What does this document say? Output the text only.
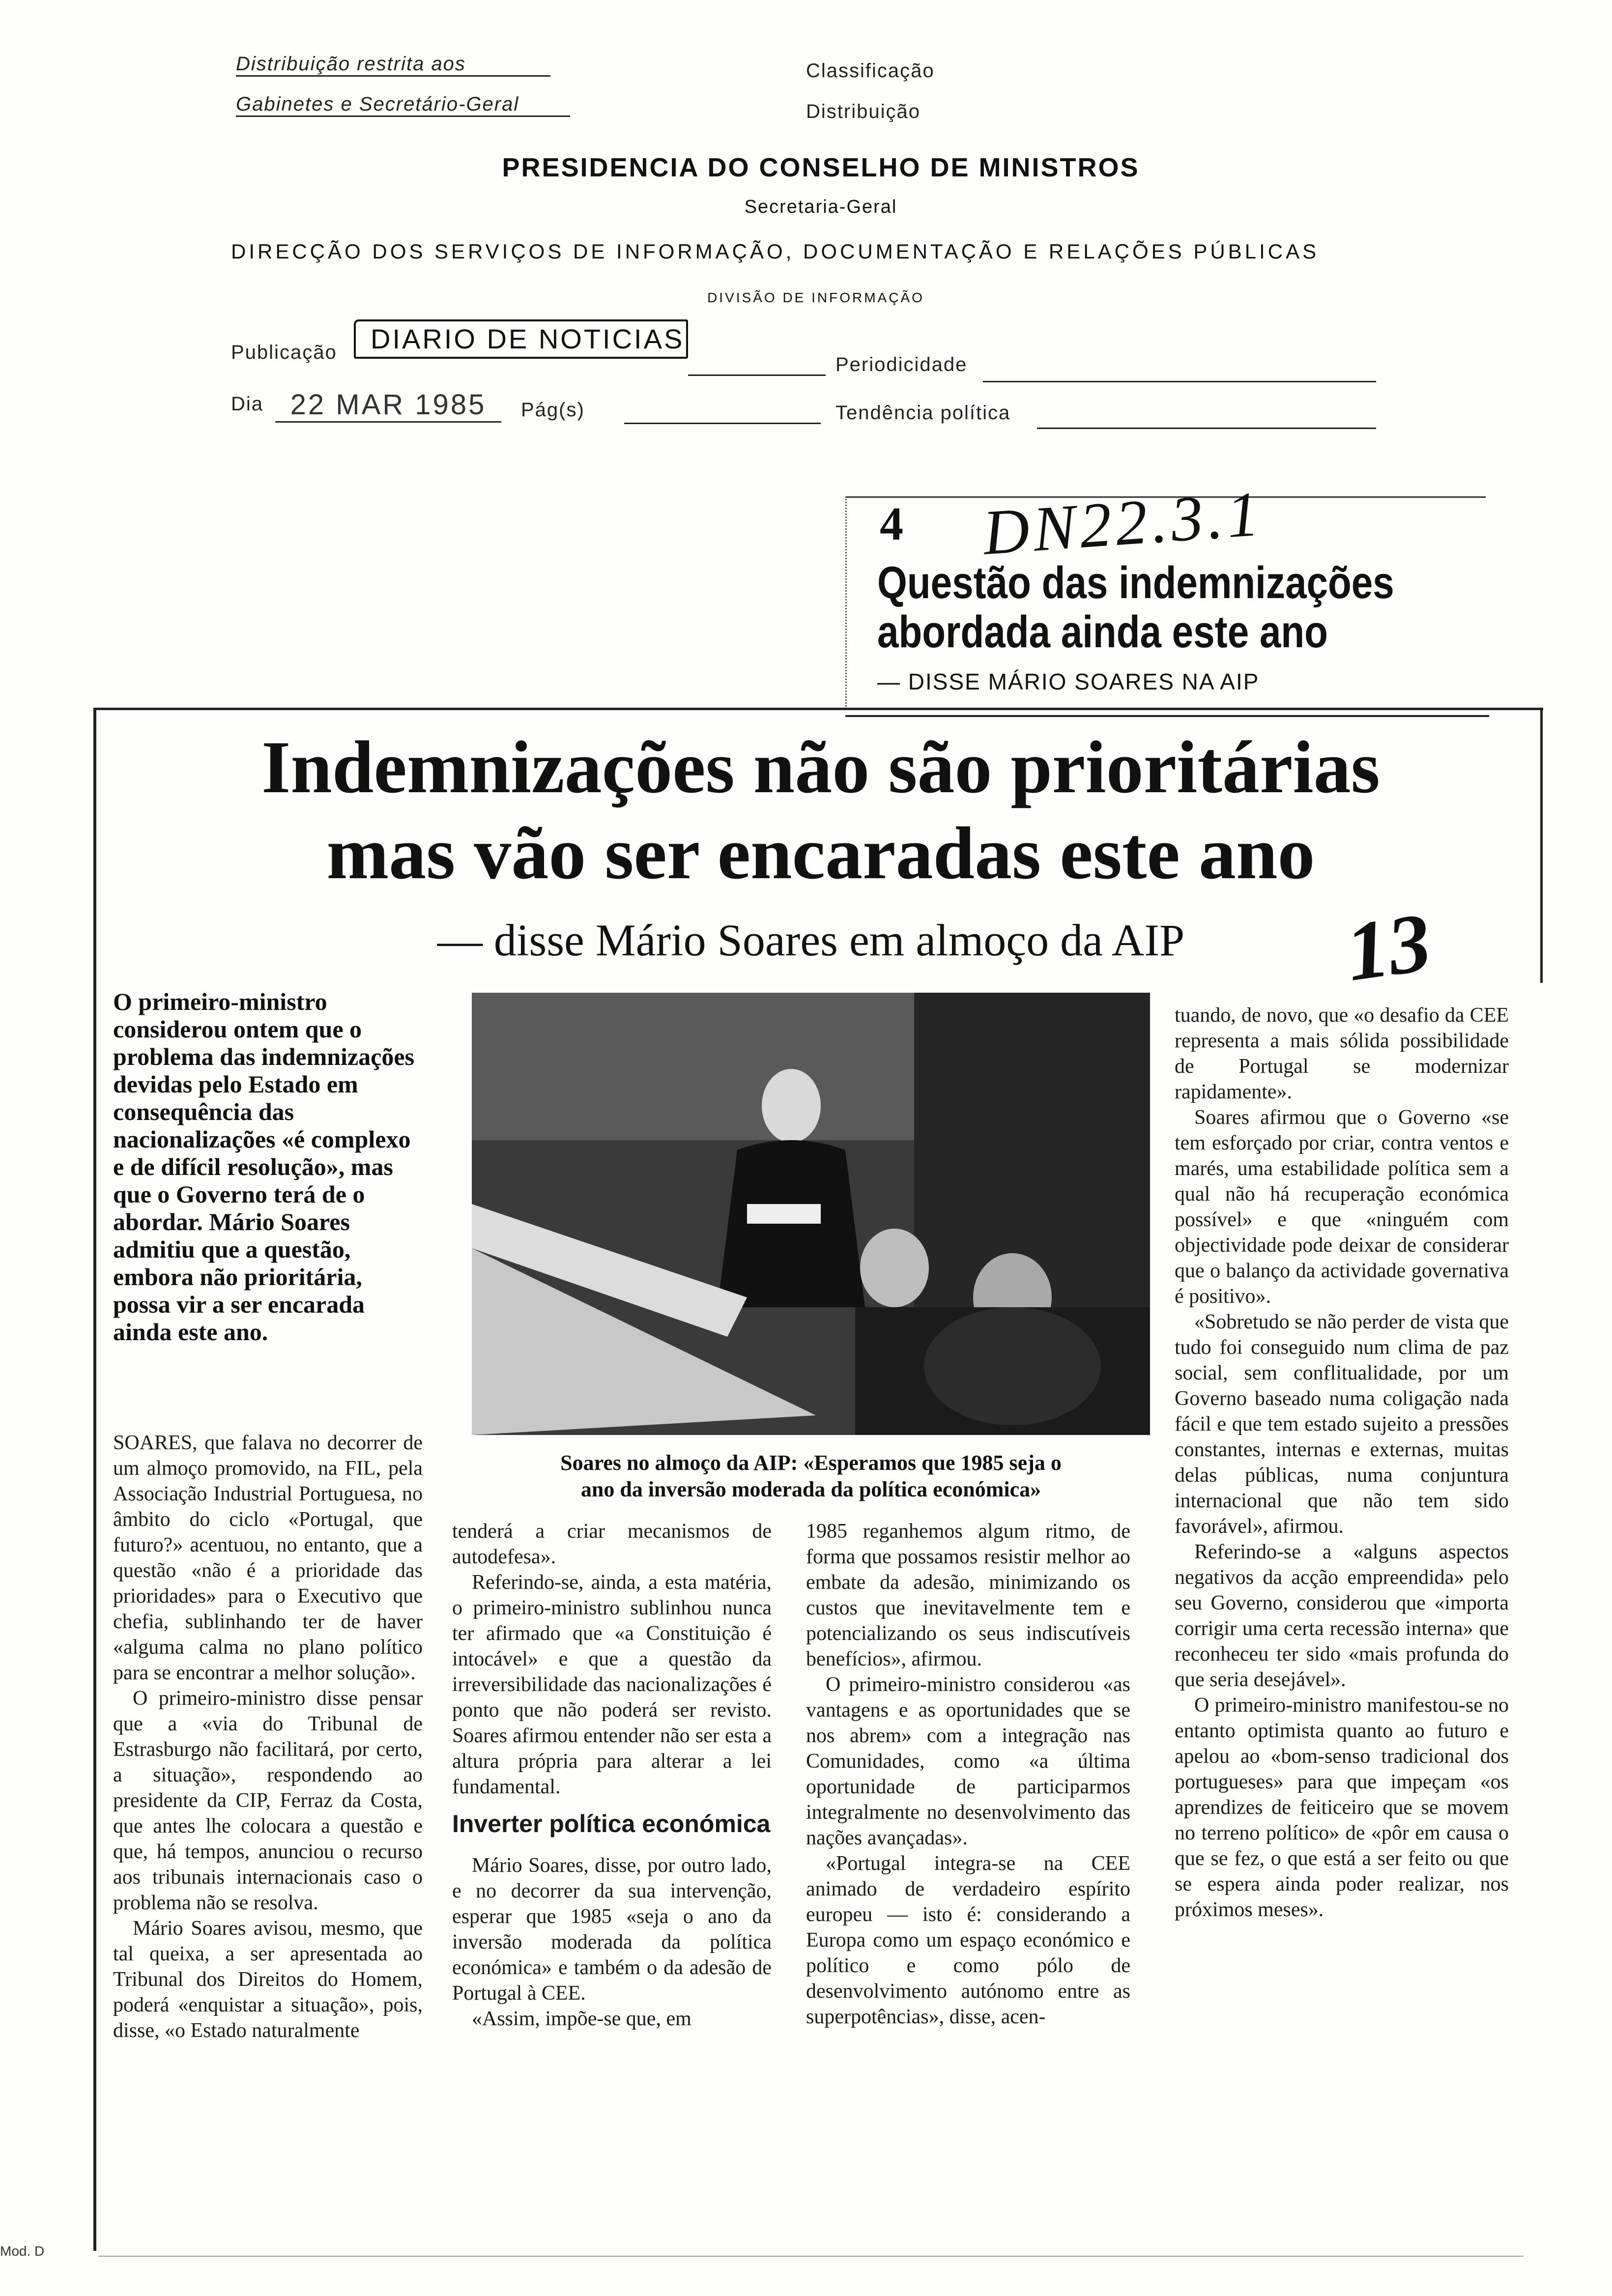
Distribuição restrita aos
Gabinetes e Secretário-Geral
Classificação
Distribuição
PRESIDENCIA DO CONSELHO DE MINISTROS
Secretaria-Geral
DIRECÇÃO DOS SERVIÇOS DE INFORMAÇÃO, DOCUMENTAÇÃO E RELAÇÕES PÚBLICAS
DIVISÃO DE INFORMAÇÃO
Publicação	DIARIO DE NOTICIAS
Periodicidade
Dia 22 MAR 1985	Pág(s)	Tendência política
4 DN22.3.1
Questão das indemnizações
abordada ainda este ano
— DISSE MÁRIO SOARES NA AIP
Indemnizações não são prioritárias
mas vão ser encaradas este ano
— disse Mário Soares em almoço da AIP	13
O primeiro-ministro considerou ontem que o problema das indemnizações devidas pelo Estado em consequência das nacionalizações «é complexo e de difícil resolução», mas que o Governo terá de o abordar. Mário Soares admitiu que a questão, embora não prioritária, possa vir a ser encarada ainda este ano.

SOARES, que falava no decorrer de um almoço promovido, na FIL, pela Associação Industrial Portuguesa, no âmbito do ciclo «Portugal, que futuro?» acentuou, no entanto, que a questão «não é a prioridade das prioridades» para o Executivo que chefia, sublinhando ter de haver «alguma calma no plano político para se encontrar a melhor solução».

O primeiro-ministro disse pensar que a «via do Tribunal de Estrasburgo não facilitará, por certo, a situação», respondendo ao presidente da CIP, Ferraz da Costa, que antes lhe colocara a questão e que, há tempos, anunciou o recurso aos tribunais internacionais caso o problema não se resolva.

Mário Soares avisou, mesmo, que tal queixa, a ser apresentada ao Tribunal dos Direitos do Homem, poderá «enquistar a situação», pois, disse, «o Estado naturalmente

Soares no almoço da AIP: «Esperamos que 1985 seja o
ano da inversão moderada da política económica»

tenderá a criar mecanismos de autodefesa».

Referindo-se, ainda, a esta matéria, o primeiro-ministro sublinhou nunca ter afirmado que «a Constituição é intocável» e que a questão da irreversibilidade das nacionalizações é ponto que não poderá ser revisto. Soares afirmou entender não ser esta a altura própria para alterar a lei fundamental.

Inverter política económica

Mário Soares, disse, por outro lado, e no decorrer da sua intervenção, esperar que 1985 «seja o ano da inversão moderada da política económica» e também o da adesão de Portugal à CEE.

«Assim, impõe-se que, em

1985 reganhemos algum ritmo, de forma que possamos resistir melhor ao embate da adesão, minimizando os custos que inevitavelmente tem e potencializando os seus indiscutíveis benefícios», afirmou.

O primeiro-ministro considerou «as vantagens e as oportunidades que se nos abrem» com a integração nas Comunidades, como «a última oportunidade de participarmos integralmente no desenvolvimento das nações avançadas».

«Portugal integra-se na CEE animado de verdadeiro espírito europeu — isto é: considerando a Europa como um espaço económico e político e como pólo de desenvolvimento autónomo entre as superpotências», disse, acen-

tuando, de novo, que «o desafio da CEE representa a mais sólida possibilidade de Portugal se modernizar rapidamente».

Soares afirmou que o Governo «se tem esforçado por criar, contra ventos e marés, uma estabilidade política sem a qual não há recuperação económica possível» e que «ninguém com objectividade pode deixar de considerar que o balanço da actividade governativa é positivo».

«Sobretudo se não perder de vista que tudo foi conseguido num clima de paz social, sem conflitualidade, por um Governo baseado numa coligação nada fácil e que tem estado sujeito a pressões constantes, internas e externas, muitas delas públicas, numa conjuntura internacional que não tem sido favorável», afirmou.

Referindo-se a «alguns aspectos negativos da acção empreendida» pelo seu Governo, considerou que «importa corrigir uma certa recessão interna» que reconheceu ter sido «mais profunda do que seria desejável».

O primeiro-ministro manifestou-se no entanto optimista quanto ao futuro e apelou ao «bom-senso tradicional dos portugueses» para que impeçam «os aprendizes de feiticeiro que se movem no terreno político» de «pôr em causa o que se fez, o que está a ser feito ou que se espera ainda poder realizar, nos próximos meses».

Mod. D
